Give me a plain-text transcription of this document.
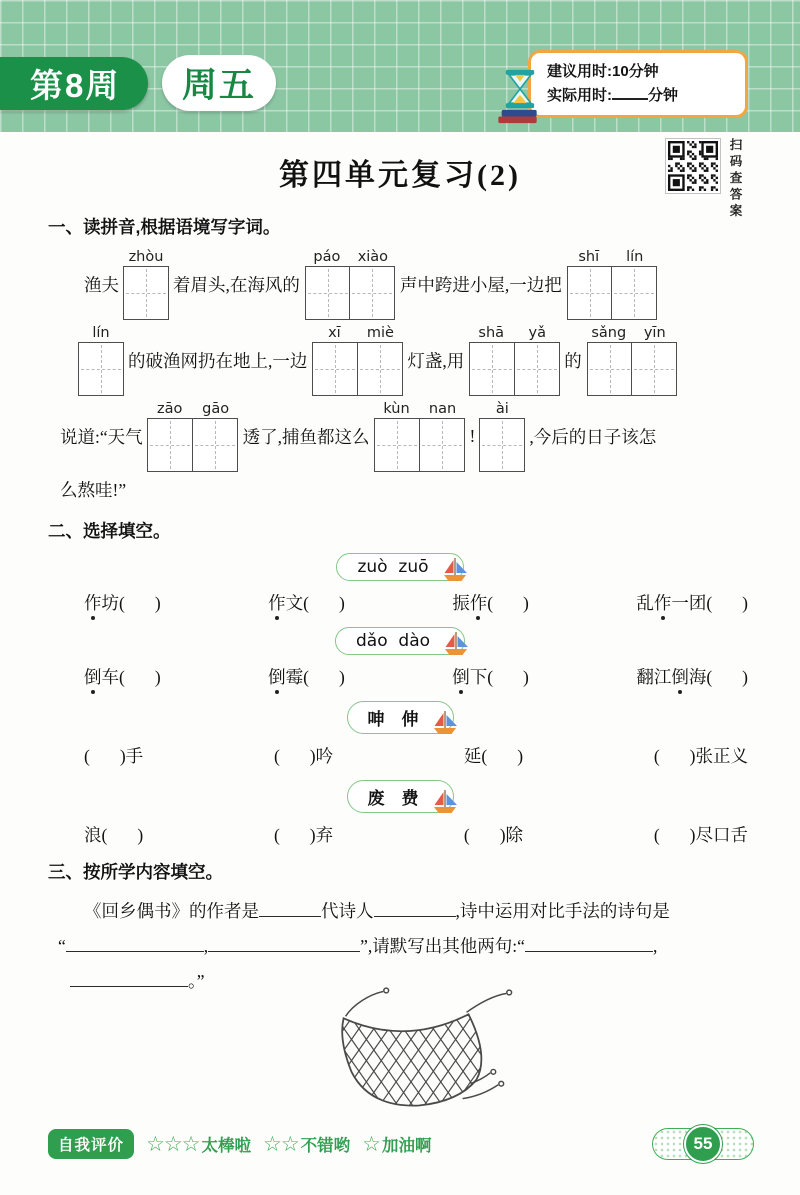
第8周	周五	建议用时:10分钟
实际用时: 分钟
第四单元复习(2)	扫码查答案
一、读拼音,根据语境写字词。
渔夫
zhòu
着眉头,在海风的
páo	xiào
声中跨进小屋,一边把
shī	lín
lín
的破渔网扔在地上,一边
xī	miè
灯盏,用
shā	yǎ
的
sǎng	yīn
说道:“天气
zāo	gāo
透了,捕鱼都这么
kùn	nan
!
ài
,今后的日子该怎
么熬哇!”
二、选择填空。
zuò  zuō
作坊( )	作文( )	振作( )	乱作一团( )
dǎo  dào
倒车( )	倒霉( )	倒下( )	翻江倒海( )
呻　伸
( )手	( )吟	延( )	( )张正义
废　费
浪( )	( )弃	( )除	( )尽口舌
三、按所学内容填空。
《回乡偶书》的作者是	代诗人	,诗中运用对比手法的诗句是
“	,	”,请默写出其他两句:“	,
。”
自我评价	☆ ☆ ☆ 太棒啦 ☆ ☆ 不错哟 ☆ 加油啊	55
